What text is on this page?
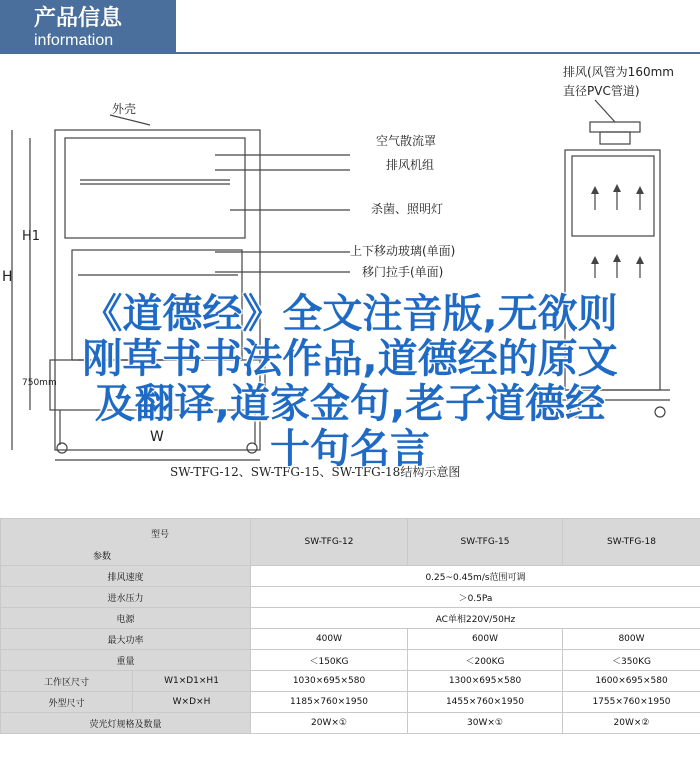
产品信息
information
外壳
排风(风管为160mm
直径PVC管道)
空气散流罩
排风机组
杀菌、照明灯
上下移动玻璃(单面)
移门拉手(单面)
H
H1
750mm
W
SW-TFG-12、SW-TFG-15、SW-TFG-18结构示意图
《道德经》全文注音版,无欲则
刚草书书法作品,道德经的原文
及翻译,道家金句,老子道德经
十句名言
型号
参数		SW-TFG-12	SW-TFG-15	SW-TFG-18
排风速度		0.25~0.45m/s范围可调		
进水压力		＞0.5Pa		
电源		AC单相220V/50Hz		
最大功率		400W	600W	800W
重量		＜150KG	＜200KG	＜350KG
工作区尺寸	W1×D1×H1	1030×695×580	1300×695×580	1600×695×580
外型尺寸	W×D×H	1185×760×1950	1455×760×1950	1755×760×1950
荧光灯规格及数量		20W×①	30W×①	20W×②
